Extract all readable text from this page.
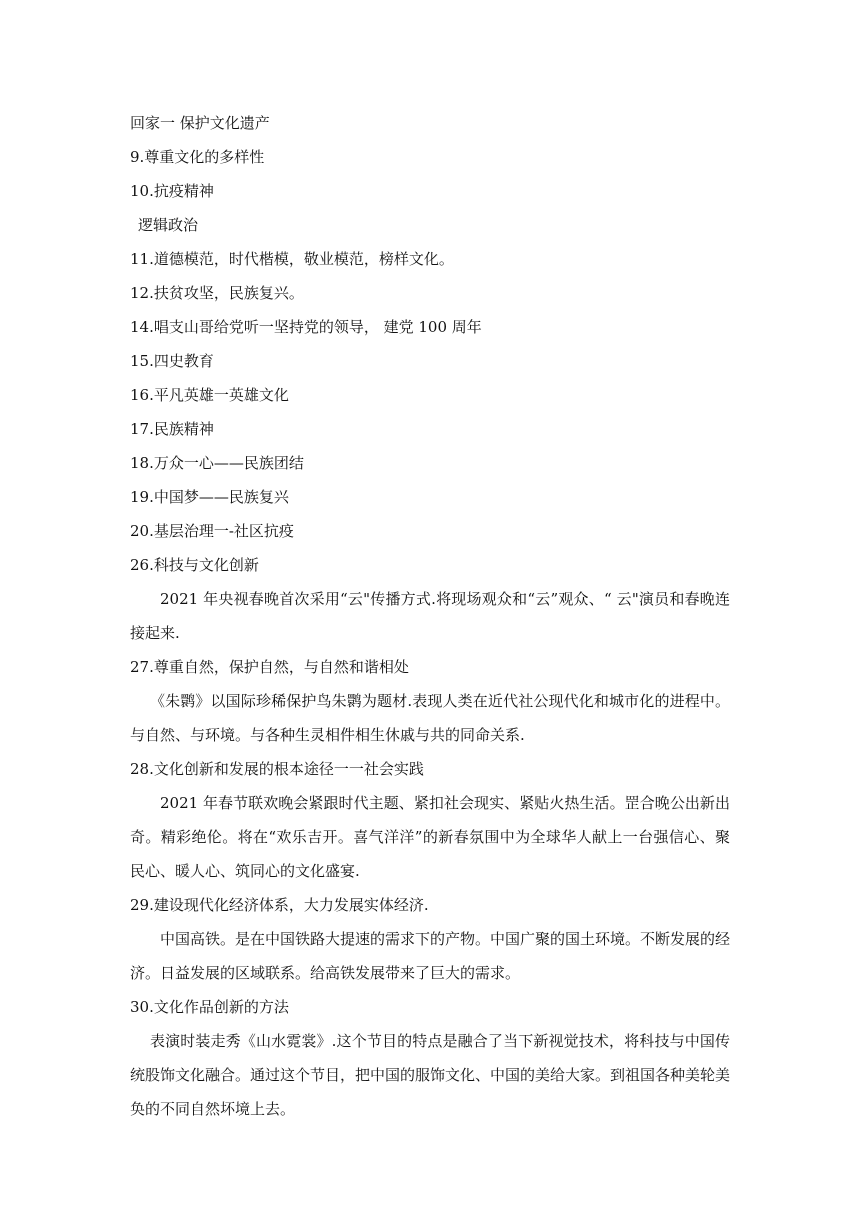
回家一 保护文化遗产
9.尊重文化的多样性
10.抗疫精神
逻辑政治
11.道德模范，时代楷模，敬业模范，榜样文化。
12.扶贫攻坚，民族复兴。
14.唱支山哥给党听一坚持党的领导， 建党 100 周年
15.四史教育
16.平凡英雄一英雄文化
17.民族精神
18.万众一心——民族团结
19.中国梦——民族复兴
20.基层治理一-社区抗疫
26.科技与文化创新

2021 年央视春晚首次采用“云"传播方式.将现场观众和“云”观众、“ 云"演员和春晚连接起来.

27.尊重自然，保护自然，与自然和谐相处

《朱鹮》以国际珍稀保护鸟朱鹮为题材.表现人类在近代社公现代化和城市化的进程中。与自然、与环境。与各种生灵相件相生休戚与共的同命关系.

28.文化创新和发展的根本途径一一社会实践

2021 年春节联欢晚会紧跟时代主题、紧扣社会现实、紧贴火热生活。罡合晚公出新出奇。精彩绝伦。将在“欢乐吉开。喜气洋洋”的新春氛围中为全球华人献上一台强信心、聚民心、暖人心、筑同心的文化盛宴.

29.建设现代化经济体系，大力发展实体经济.

中国高铁。是在中国铁路大提速的需求下的产物。中国广聚的国土环境。不断发展的经济。日益发展的区域联系。给高铁发展带来了巨大的需求。

30.文化作品创新的方法

表演时装走秀《山水霓裳》.这个节目的特点是融合了当下新视觉技术，将科技与中国传统股饰文化融合。通过这个节目，把中国的服饰文化、中国的美给大家。到祖国各种美轮美奂的不同自然坏境上去。
